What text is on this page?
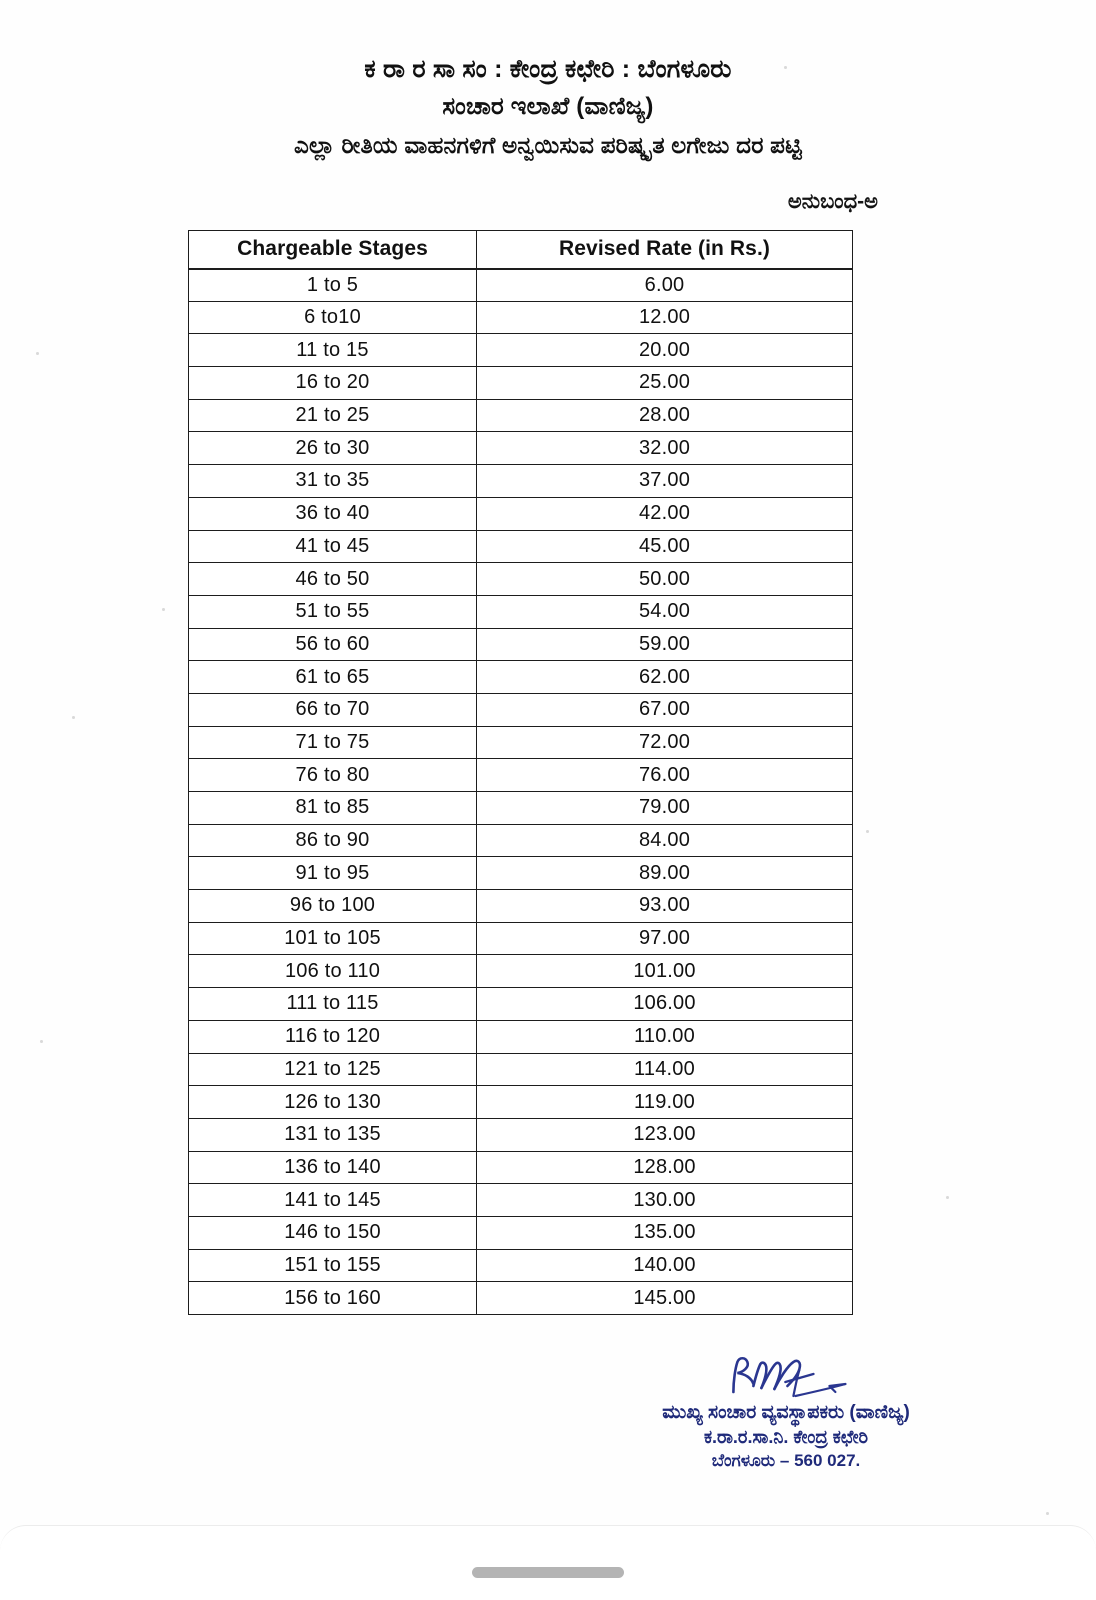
ಕ ರಾ ರ ಸಾ ಸಂ : ಕೇಂದ್ರ ಕಛೇರಿ : ಬೆಂಗಳೂರು
ಸಂಚಾರ ಇಲಾಖೆ (ವಾಣಿಜ್ಯ)
ಎಲ್ಲಾ ರೀತಿಯ ವಾಹನಗಳಿಗೆ ಅನ್ವಯಿಸುವ ಪರಿಷ್ಕೃತ ಲಗೇಜು ದರ ಪಟ್ಟಿ
ಅನುಬಂಧ-ಅ
Chargeable Stages	Revised Rate (in Rs.)
1 to 5	6.00
6 to10	12.00
11 to 15	20.00
16 to 20	25.00
21 to 25	28.00
26 to 30	32.00
31 to 35	37.00
36 to 40	42.00
41 to 45	45.00
46 to 50	50.00
51 to 55	54.00
56 to 60	59.00
61 to 65	62.00
66 to 70	67.00
71 to 75	72.00
76 to 80	76.00
81 to 85	79.00
86 to 90	84.00
91 to 95	89.00
96 to 100	93.00
101 to 105	97.00
106 to 110	101.00
111 to 115	106.00
116 to 120	110.00
121 to 125	114.00
126 to 130	119.00
131 to 135	123.00
136 to 140	128.00
141 to 145	130.00
146 to 150	135.00
151 to 155	140.00
156 to 160	145.00
ಮುಖ್ಯ ಸಂಚಾರ ವ್ಯವಸ್ಥಾಪಕರು (ವಾಣಿಜ್ಯ)
ಕ.ರಾ.ರ.ಸಾ.ನಿ. ಕೇಂದ್ರ ಕಛೇರಿ
ಬೆಂಗಳೂರು – 560 027.
